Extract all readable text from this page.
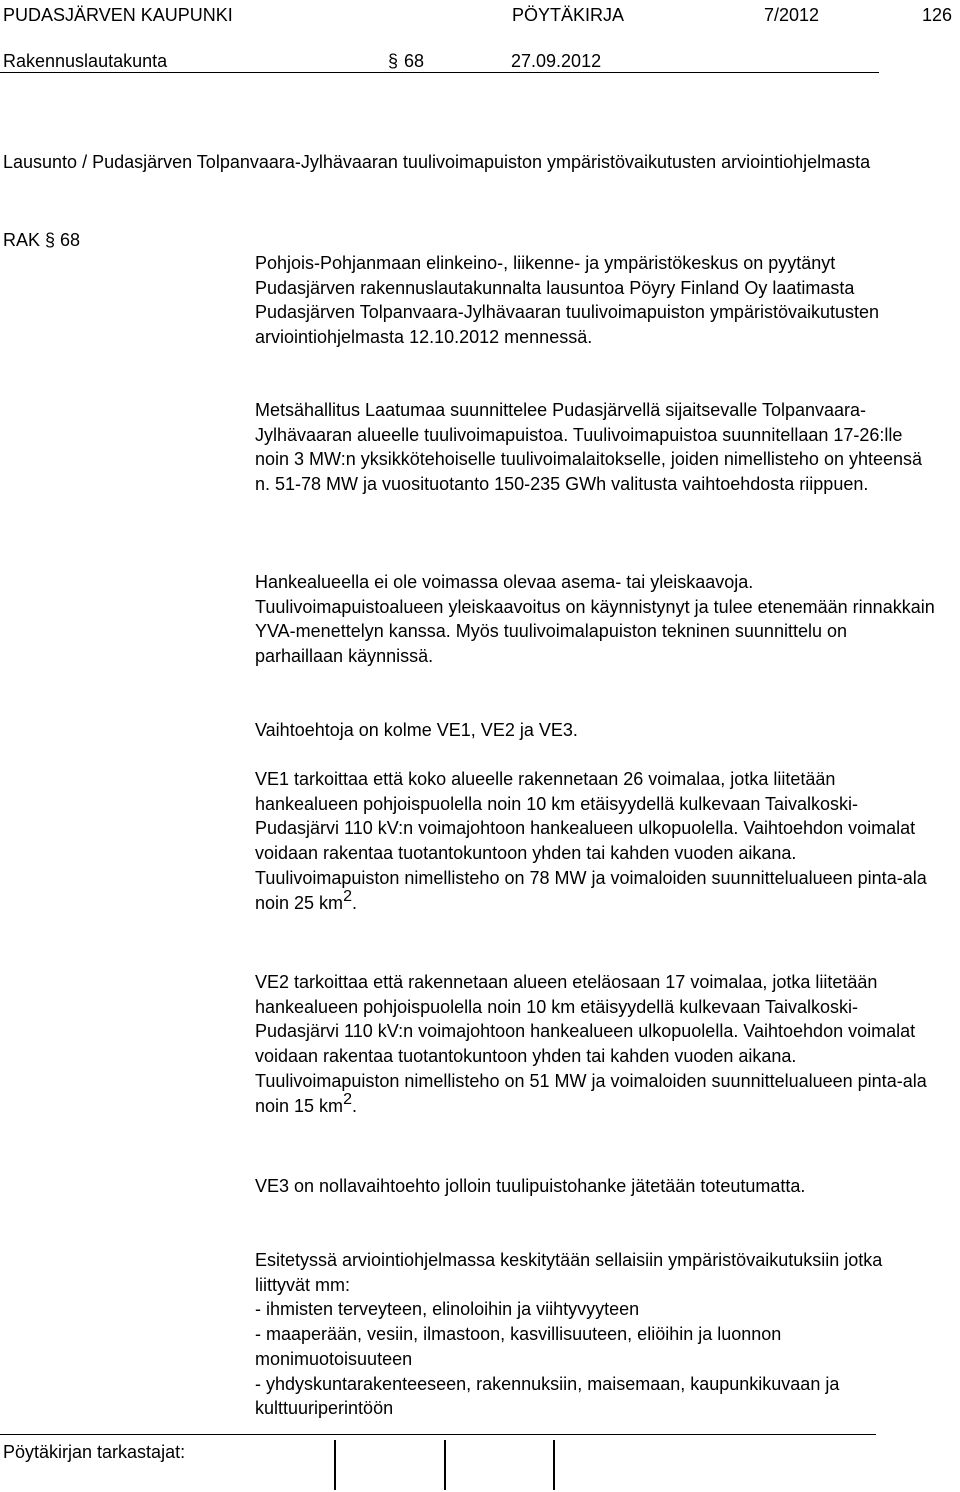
PUDASJÄRVEN KAUPUNKI	PÖYTÄKIRJA	7/2012	126
Rakennuslautakunta	§ 68	27.09.2012
Lausunto / Pudasjärven Tolpanvaara-Jylhävaaran tuulivoimapuiston ympäristövaikutusten arviointiohjelmasta
RAK § 68

Pohjois-Pohjanmaan elinkeino-, liikenne- ja ympäristökeskus on pyytänyt Pudasjärven rakennuslautakunnalta lausuntoa Pöyry Finland Oy laatimasta Pudasjärven Tolpanvaara-Jylhävaaran tuulivoimapuiston ympäristövaikutusten arviointiohjelmasta 12.10.2012 mennessä.

Metsähallitus Laatumaa suunnittelee Pudasjärvellä sijaitsevalle Tolpanvaara-Jylhävaaran alueelle tuulivoimapuistoa. Tuulivoimapuistoa suunnitellaan 17-26:lle noin 3 MW:n yksikkötehoiselle tuulivoimalaitokselle, joiden nimellisteho on yhteensä n. 51-78 MW ja vuosituotanto 150-235 GWh valitusta vaihtoehdosta riippuen.

Hankealueella ei ole voimassa olevaa asema- tai yleiskaavoja. Tuulivoimapuistoalueen yleiskaavoitus on käynnistynyt ja tulee etenemään rinnakkain YVA-menettelyn kanssa. Myös tuulivoimalapuiston tekninen suunnittelu on parhaillaan käynnissä.

Vaihtoehtoja on kolme VE1, VE2 ja VE3.

VE1 tarkoittaa että koko alueelle rakennetaan 26 voimalaa, jotka liitetään hankealueen pohjoispuolella noin 10 km etäisyydellä kulkevaan Taivalkoski-Pudasjärvi 110 kV:n voimajohtoon hankealueen ulkopuolella. Vaihtoehdon voimalat voidaan rakentaa tuotantokuntoon yhden tai kahden vuoden aikana. Tuulivoimapuiston nimellisteho on 78 MW ja voimaloiden suunnittelualueen pinta-ala noin 25 $km^2$.

VE2 tarkoittaa että rakennetaan alueen eteläosaan 17 voimalaa, jotka liitetään hankealueen pohjoispuolella noin 10 km etäisyydellä kulkevaan Taivalkoski-Pudasjärvi 110 kV:n voimajohtoon hankealueen ulkopuolella. Vaihtoehdon voimalat voidaan rakentaa tuotantokuntoon yhden tai kahden vuoden aikana. Tuulivoimapuiston nimellisteho on 51 MW ja voimaloiden suunnittelualueen pinta-ala noin 15 $km^2$.

VE3 on nollavaihtoehto jolloin tuulipuistohanke jätetään toteutumatta.

Esitetyssä arviointiohjelmassa keskitytään sellaisiin ympäristövaikutuksiin jotka liittyvät mm:

- ihmisten terveyteen, elinoloihin ja viihtyvyyteen

- maaperään, vesiin, ilmastoon, kasvillisuuteen, eliöihin ja luonnon monimuotoisuuteen

- yhdyskuntarakenteeseen, rakennuksiin, maisemaan, kaupunkikuvaan ja kulttuuriperintöön

Pöytäkirjan tarkastajat:
